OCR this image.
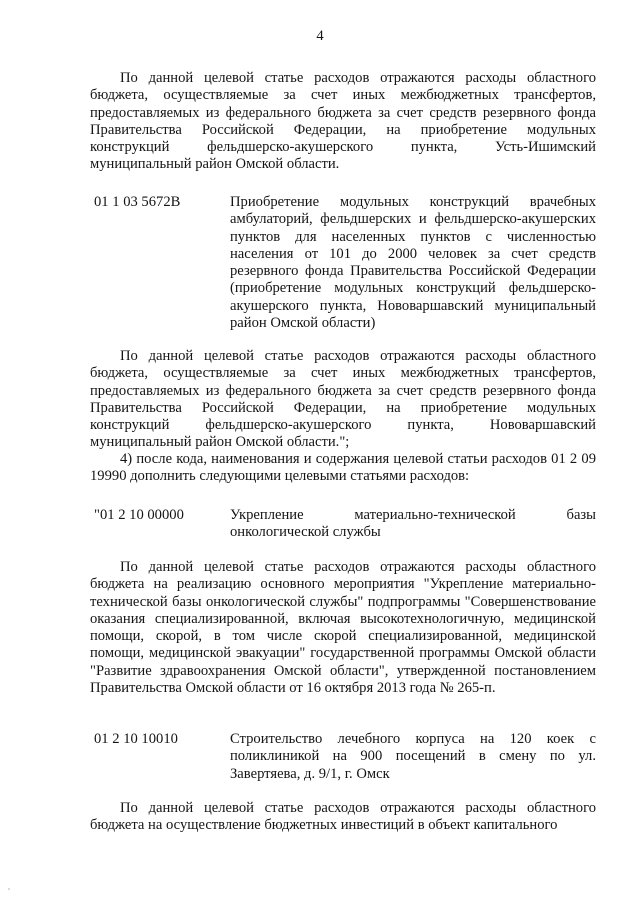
4

По данной целевой статье расходов отражаются расходы областного бюджета, осуществляемые за счет иных межбюджетных трансфертов, предоставляемых из федерального бюджета за счет средств резервного фонда Правительства Российской Федерации, на приобретение модульных конструкций фельдшерско-акушерского пункта, Усть-Ишимский муниципальный район Омской области.

01 1 03 5672В	Приобретение модульных конструкций врачебных амбулаторий, фельдшерских и фельдшерско-акушерских пунктов для населенных пунктов с численностью населения от 101 до 2000 человек за счет средств резервного фонда Правительства Российской Федерации (приобретение модульных конструкций фельдшерско-акушерского пункта, Нововаршавский муниципальный район Омской области)

По данной целевой статье расходов отражаются расходы областного бюджета, осуществляемые за счет иных межбюджетных трансфертов, предоставляемых из федерального бюджета за счет средств резервного фонда Правительства Российской Федерации, на приобретение модульных конструкций фельдшерско-акушерского пункта, Нововаршавский муниципальный район Омской области.";

4) после кода, наименования и содержания целевой статьи расходов 01 2 09 19990 дополнить следующими целевыми статьями расходов:

"01 2 10 00000	Укрепление материально-технической базы онкологической службы

По данной целевой статье расходов отражаются расходы областного бюджета на реализацию основного мероприятия "Укрепление материально-технической базы онкологической службы" подпрограммы "Совершенствование оказания специализированной, включая высокотехнологичную, медицинской помощи, скорой, в том числе скорой специализированной, медицинской помощи, медицинской эвакуации" государственной программы Омской области "Развитие здравоохранения Омской области", утвержденной постановлением Правительства Омской области от 16 октября 2013 года № 265-п.

01 2 10 10010	Строительство лечебного корпуса на 120 коек с поликлиникой на 900 посещений в смену по ул. Завертяева, д. 9/1, г. Омск

По данной целевой статье расходов отражаются расходы областного бюджета на осуществление бюджетных инвестиций в объект капитального
